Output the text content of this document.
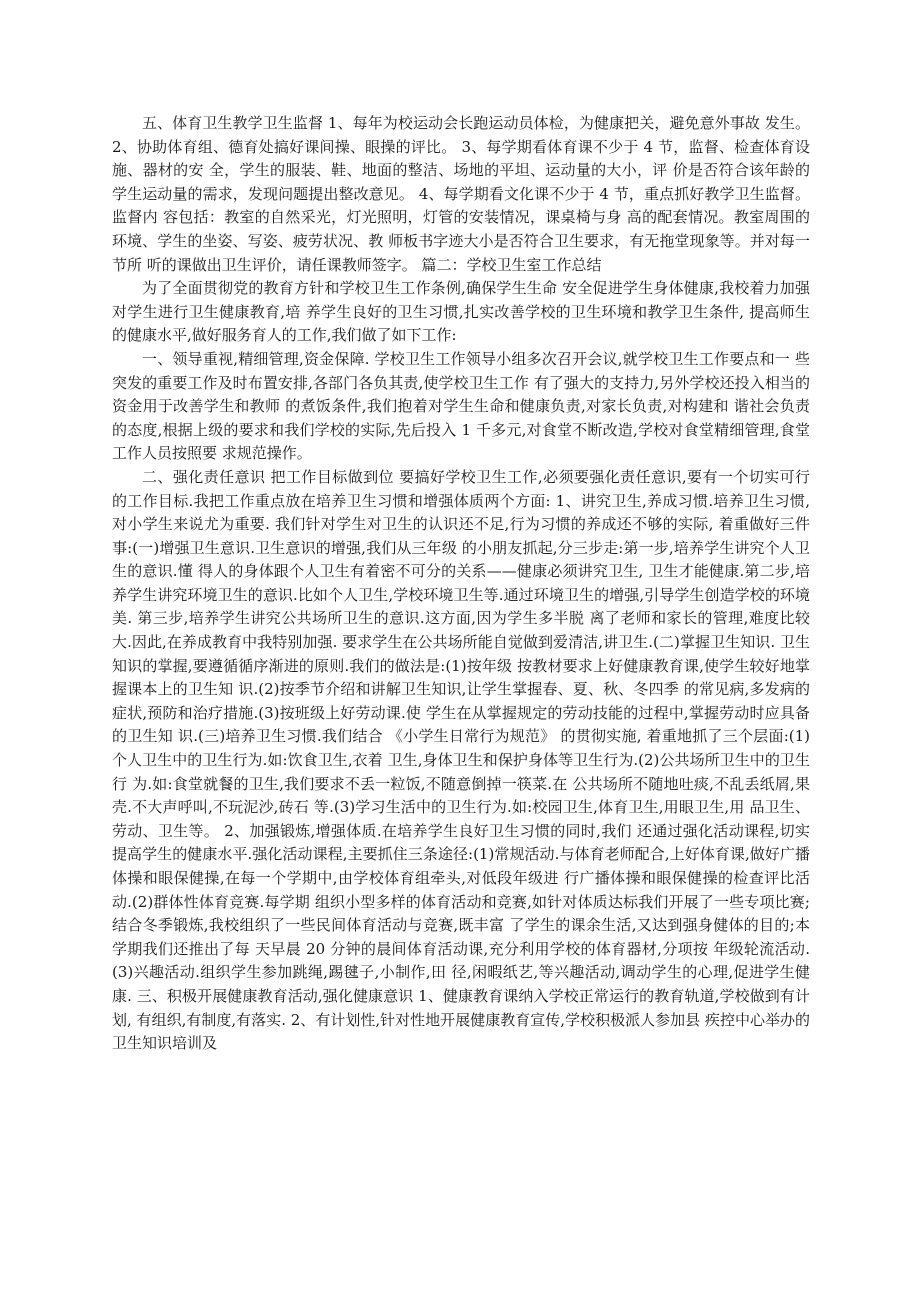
五、体育卫生教学卫生监督 1、每年为校运动会长跑运动员体检，为健康把关，避免意外事故 发生。 2、协助体育组、德育处搞好课间操、眼操的评比。 3、每学期看体育课不少于 4 节，监督、检查体育设施、器材的安 全，学生的服装、鞋、地面的整洁、场地的平坦、运动量的大小，评 价是否符合该年龄的学生运动量的需求，发现问题提出整改意见。 4、每学期看文化课不少于 4 节，重点抓好教学卫生监督。监督内 容包括：教室的自然采光，灯光照明，灯管的安装情况，课桌椅与身 高的配套情况。教室周围的环境、学生的坐姿、写姿、疲劳状况、教 师板书字迹大小是否符合卫生要求，有无拖堂现象等。并对每一节所 听的课做出卫生评价，请任课教师签字。 篇二：学校卫生室工作总结

为了全面贯彻党的教育方针和学校卫生工作条例,确保学生生命 安全促进学生身体健康,我校着力加强对学生进行卫生健康教育,培 养学生良好的卫生习惯,扎实改善学校的卫生环境和教学卫生条件, 提高师生的健康水平,做好服务育人的工作,我们做了如下工作:

一、领导重视,精细管理,资金保障. 学校卫生工作领导小组多次召开会议,就学校卫生工作要点和一 些突发的重要工作及时布置安排,各部门各负其责,使学校卫生工作 有了强大的支持力,另外学校还投入相当的资金用于改善学生和教师 的煮饭条件,我们抱着对学生生命和健康负责,对家长负责,对构建和 谐社会负责的态度,根据上级的要求和我们学校的实际,先后投入 1 千多元,对食堂不断改造,学校对食堂精细管理,食堂工作人员按照要 求规范操作。

二、强化责任意识 把工作目标做到位 要搞好学校卫生工作,必须要强化责任意识,要有一个切实可行 的工作目标.我把工作重点放在培养卫生习惯和增强体质两个方面: 1、讲究卫生,养成习惯.培养卫生习惯,对小学生来说尤为重要. 我们针对学生对卫生的认识还不足,行为习惯的养成还不够的实际, 着重做好三件事:(一)增强卫生意识.卫生意识的增强,我们从三年级 的小朋友抓起,分三步走:第一步,培养学生讲究个人卫生的意识.懂 得人的身体跟个人卫生有着密不可分的关系——健康必须讲究卫生, 卫生才能健康.第二步,培养学生讲究环境卫生的意识.比如个人卫生,学校环境卫生等.通过环境卫生的增强,引导学生创造学校的环境美. 第三步,培养学生讲究公共场所卫生的意识.这方面,因为学生多半脱 离了老师和家长的管理,难度比较大.因此,在养成教育中我特别加强. 要求学生在公共场所能自觉做到爱清洁,讲卫生.(二)掌握卫生知识. 卫生知识的掌握,要遵循循序渐进的原则.我们的做法是:(1)按年级 按教材要求上好健康教育课,使学生较好地掌握课本上的卫生知 识.(2)按季节介绍和讲解卫生知识,让学生掌握春、夏、秋、冬四季 的常见病,多发病的症状,预防和治疗措施.(3)按班级上好劳动课.使 学生在从掌握规定的劳动技能的过程中,掌握劳动时应具备的卫生知 识.(三)培养卫生习惯.我们结合 《小学生日常行为规范》 的贯彻实施, 着重地抓了三个层面:(1)个人卫生中的卫生行为.如:饮食卫生,衣着 卫生,身体卫生和保护身体等卫生行为.(2)公共场所卫生中的卫生行 为.如:食堂就餐的卫生,我们要求不丢一粒饭,不随意倒掉一筷菜.在 公共场所不随地吐痰,不乱丢纸屑,果壳.不大声呼叫,不玩泥沙,砖石 等.(3)学习生活中的卫生行为.如:校园卫生,体育卫生,用眼卫生,用 品卫生、劳动、卫生等。 2、加强锻炼,增强体质.在培养学生良好卫生习惯的同时,我们 还通过强化活动课程,切实提高学生的健康水平.强化活动课程,主要抓住三条途径:(1)常规活动.与体育老师配合,上好体育课,做好广播 体操和眼保健操,在每一个学期中,由学校体育组牵头,对低段年级进 行广播体操和眼保健操的检查评比活动.(2)群体性体育竞赛.每学期 组织小型多样的体育活动和竞赛,如针对体质达标我们开展了一些专项比赛;结合冬季锻炼,我校组织了一些民间体育活动与竞赛,既丰富 了学生的课余生活,又达到强身健体的目的;本学期我们还推出了每 天早晨 20 分钟的晨间体育活动课,充分利用学校的体育器材,分项按 年级轮流活动.(3)兴趣活动.组织学生参加跳绳,踢毽子,小制作,田 径,闲暇纸艺,等兴趣活动,调动学生的心理,促进学生健康. 三、积极开展健康教育活动,强化健康意识 1、健康教育课纳入学校正常运行的教育轨道,学校做到有计划, 有组织,有制度,有落实. 2、有计划性,针对性地开展健康教育宣传,学校积极派人参加县 疾控中心举办的卫生知识培训及
